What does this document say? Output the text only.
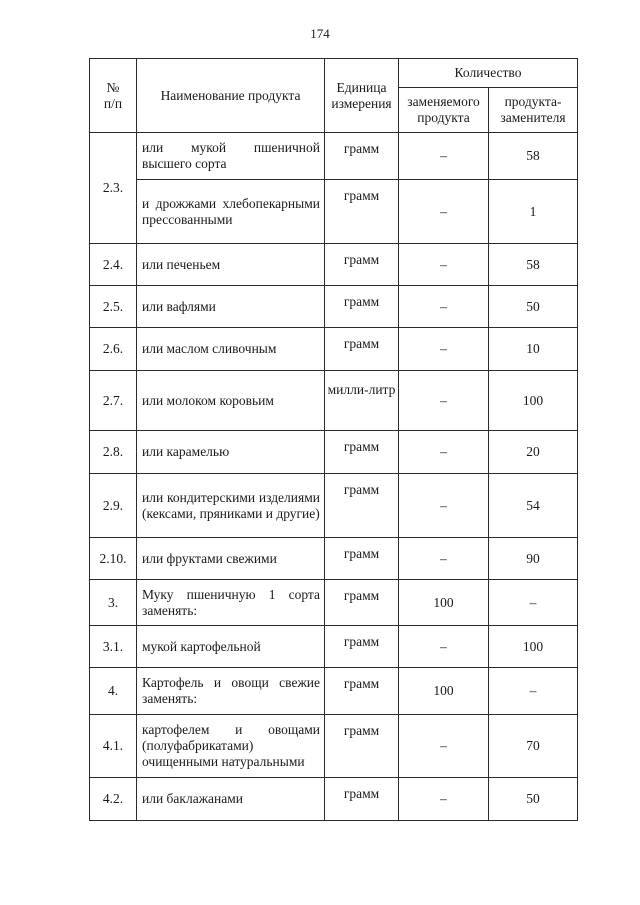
174
№
п/п	Наименование продукта	Единица измерения	Количество	

			заменяемого продукта	продукта-заменителя

2.3.	или мукой пшеничной высшего сорта	грамм	–	58

	и дрожжами хлебопекарными прессованными	грамм	–	1

2.4.	или печеньем	грамм	–	58

2.5.	или вафлями	грамм	–	50

2.6.	или маслом сливочным	грамм	–	10

2.7.	или молоком коровьим	милли-литр	–	100

2.8.	или карамелью	грамм	–	20

2.9.	или кондитерскими изделиями (кексами, пряниками и другие)	грамм	–	54

2.10.	или фруктами свежими	грамм	–	90

3.	Муку пшеничную 1 сорта заменять:	грамм	100	–

3.1.	мукой картофельной	грамм	–	100

4.	Картофель и овощи свежие заменять:	грамм	100	–

4.1.	картофелем и овощами (полуфабрикатами) очищенными натуральными	грамм	–	70

4.2.	или баклажанами	грамм	–	50
